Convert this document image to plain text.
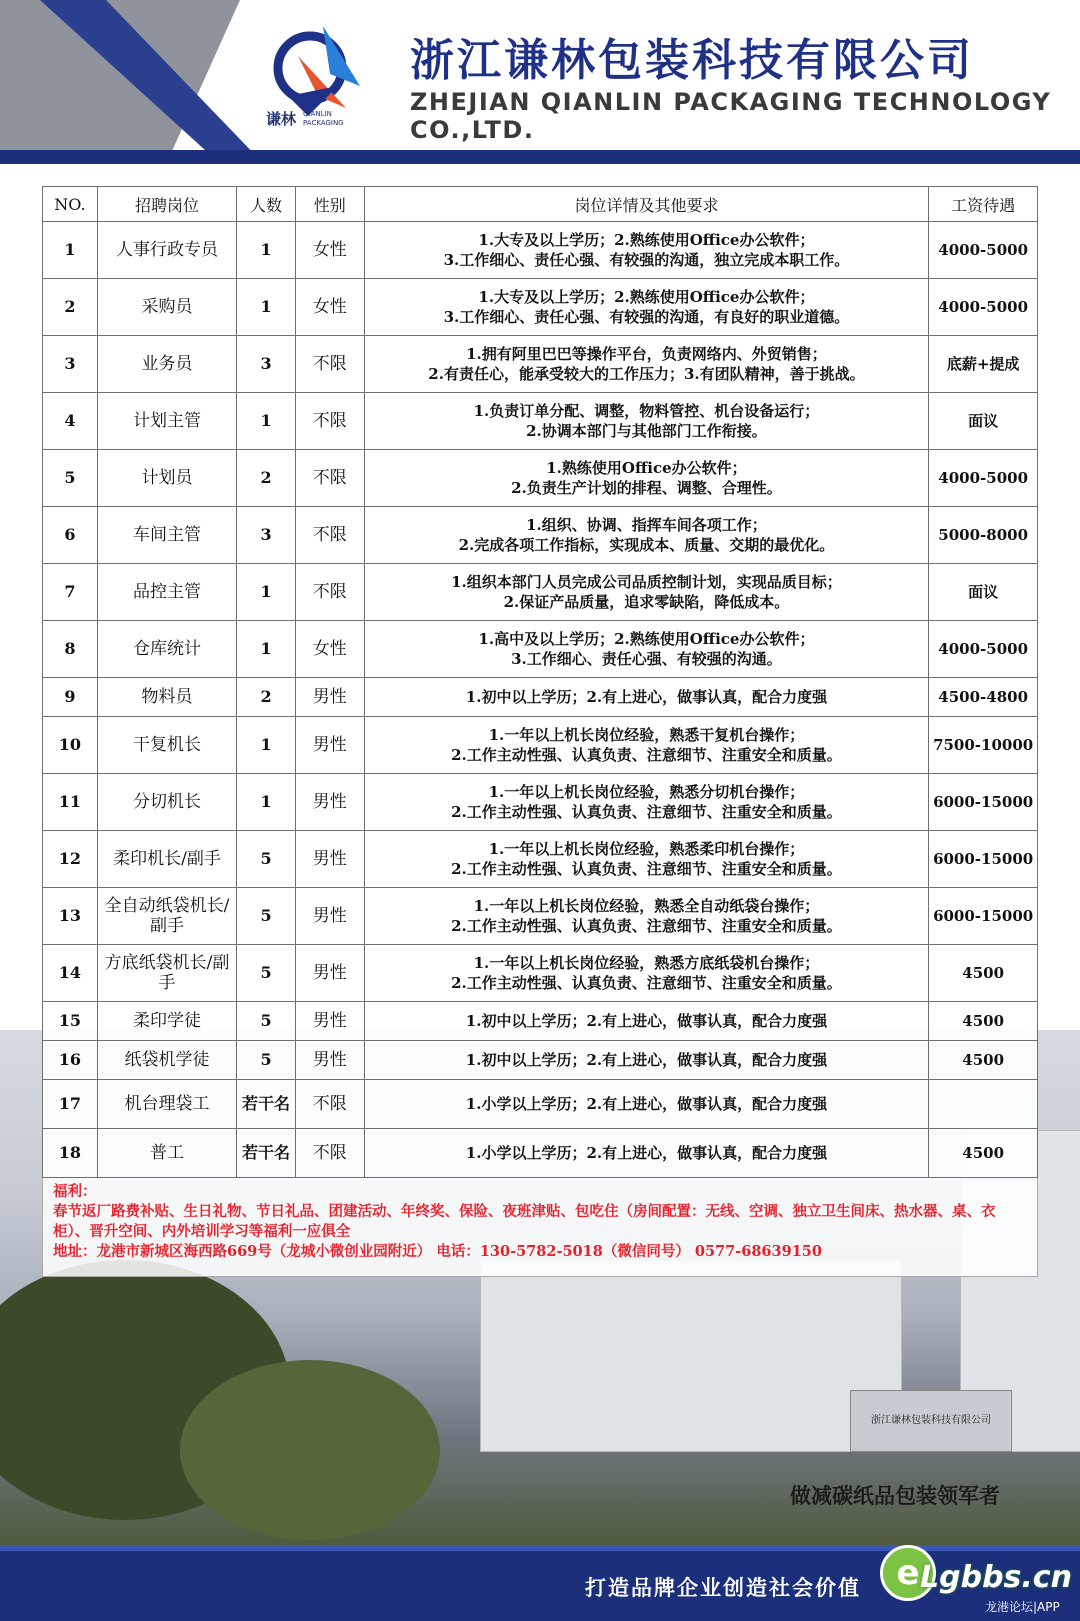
谦林 QIANLIN
PACKAGING
浙江谦林包装科技有限公司
ZHEJIAN QIANLIN PACKAGING TECHNOLOGY CO.,LTD.
浙江谦林包装科技有限公司
做减碳纸品包装领军者
NO.	招聘岗位	人数	性别	岗位详情及其他要求	工资待遇
1	人事行政专员	1	女性	1.大专及以上学历；2.熟练使用Office办公软件；
3.工作细心、责任心强、有较强的沟通，独立完成本职工作。	4000-5000
2	采购员	1	女性	1.大专及以上学历；2.熟练使用Office办公软件；
3.工作细心、责任心强、有较强的沟通，有良好的职业道德。	4000-5000
3	业务员	3	不限	1.拥有阿里巴巴等操作平台，负责网络内、外贸销售；
2.有责任心，能承受较大的工作压力；3.有团队精神，善于挑战。	底薪+提成
4	计划主管	1	不限	1.负责订单分配、调整，物料管控、机台设备运行；
2.协调本部门与其他部门工作衔接。	面议
5	计划员	2	不限	1.熟练使用Office办公软件；
2.负责生产计划的排程、调整、合理性。	4000-5000
6	车间主管	3	不限	1.组织、协调、指挥车间各项工作；
2.完成各项工作指标，实现成本、质量、交期的最优化。	5000-8000
7	品控主管	1	不限	1.组织本部门人员完成公司品质控制计划，实现品质目标；
2.保证产品质量，追求零缺陷，降低成本。	面议
8	仓库统计	1	女性	1.高中及以上学历；2.熟练使用Office办公软件；
3.工作细心、责任心强、有较强的沟通。	4000-5000
9	物料员	2	男性	1.初中以上学历；2.有上进心，做事认真，配合力度强	4500-4800
10	干复机长	1	男性	1.一年以上机长岗位经验，熟悉干复机台操作；
2.工作主动性强、认真负责、注意细节、注重安全和质量。	7500-10000
11	分切机长	1	男性	1.一年以上机长岗位经验，熟悉分切机台操作；
2.工作主动性强、认真负责、注意细节、注重安全和质量。	6000-15000
12	柔印机长/副手	5	男性	1.一年以上机长岗位经验，熟悉柔印机台操作；
2.工作主动性强、认真负责、注意细节、注重安全和质量。	6000-15000
13	全自动纸袋机长/副手	5	男性	1.一年以上机长岗位经验，熟悉全自动纸袋台操作；
2.工作主动性强、认真负责、注意细节、注重安全和质量。	6000-15000
14	方底纸袋机长/副手	5	男性	1.一年以上机长岗位经验，熟悉方底纸袋机台操作；
2.工作主动性强、认真负责、注意细节、注重安全和质量。	4500
15	柔印学徒	5	男性	1.初中以上学历；2.有上进心，做事认真，配合力度强	4500
16	纸袋机学徒	5	男性	1.初中以上学历；2.有上进心，做事认真，配合力度强	4500
17	机台理袋工	若干名	不限	1.小学以上学历；2.有上进心，做事认真，配合力度强	

18	普工	若干名	不限	1.小学以上学历；2.有上进心，做事认真，配合力度强	4500
福利：
春节返厂路费补贴、生日礼物、节日礼品、团建活动、年终奖、保险、夜班津贴、包吃住（房间配置：无线、空调、独立卫生间床、热水器、桌、衣柜）、晋升空间、内外培训学习等福利一应俱全
地址：龙港市新城区海西路669号（龙城小微创业园附近） 电话：130-5782-5018（微信同号） 0577-68639150
打造品牌企业创造社会价值	e Lgbbs.cn
龙港论坛|APP
